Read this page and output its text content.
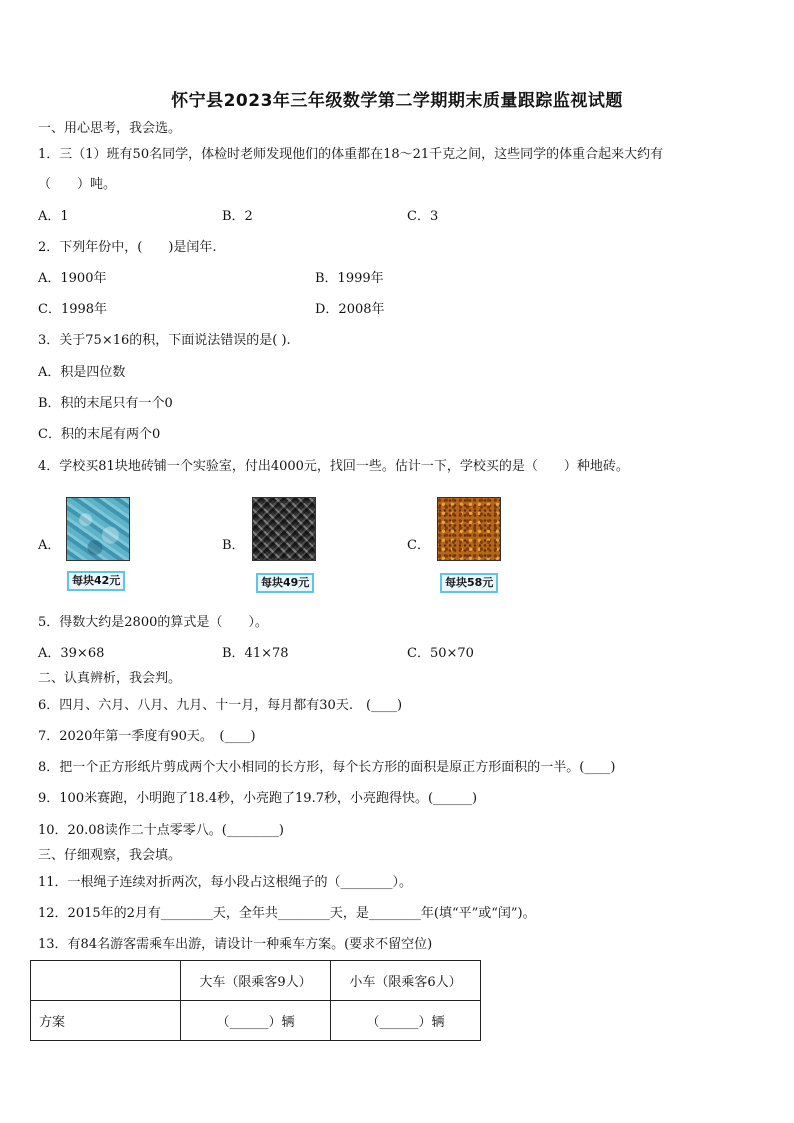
怀宁县2023年三年级数学第二学期期末质量跟踪监视试题
一、用心思考，我会选。
1．三（1）班有50名同学，体检时老师发现他们的体重都在18～21千克之间，这些同学的体重合起来大约有
（　　）吨。
A．1	B．2	C．3
2．下列年份中，(　　)是闰年.
A．1900年	B．1999年
C．1998年	D．2008年
3．关于75×16的积，下面说法错误的是( ).
A．积是四位数
B．积的末尾只有一个0
C．积的末尾有两个0
4．学校买81块地砖铺一个实验室，付出4000元，找回一些。估计一下，学校买的是（　　）种地砖。
A．
每块42元
B．
每块49元
C．
每块58元
5．得数大约是2800的算式是（　　）。
A．39×68	B．41×78	C．50×70
二、认真辨析，我会判。
6．四月、六月、八月、九月、十一月，每月都有30天.　(____)
7．2020年第一季度有90天。　(____)
8．把一个正方形纸片剪成两个大小相同的长方形，每个长方形的面积是原正方形面积的一半。(____)
9．100米赛跑，小明跑了18.4秒，小亮跑了19.7秒，小亮跑得快。(______)
10．20.08读作二十点零零八。(________)
三、仔细观察，我会填。
11．一根绳子连续对折两次，每小段占这根绳子的（________）。
12．2015年的2月有________天，全年共________天，是________年(填“平”或“闰”)。
13．有84名游客需乘车出游，请设计一种乘车方案。(要求不留空位)
	大车（限乘客9人）	小车（限乘客6人）
方案	（______）辆	（______）辆
